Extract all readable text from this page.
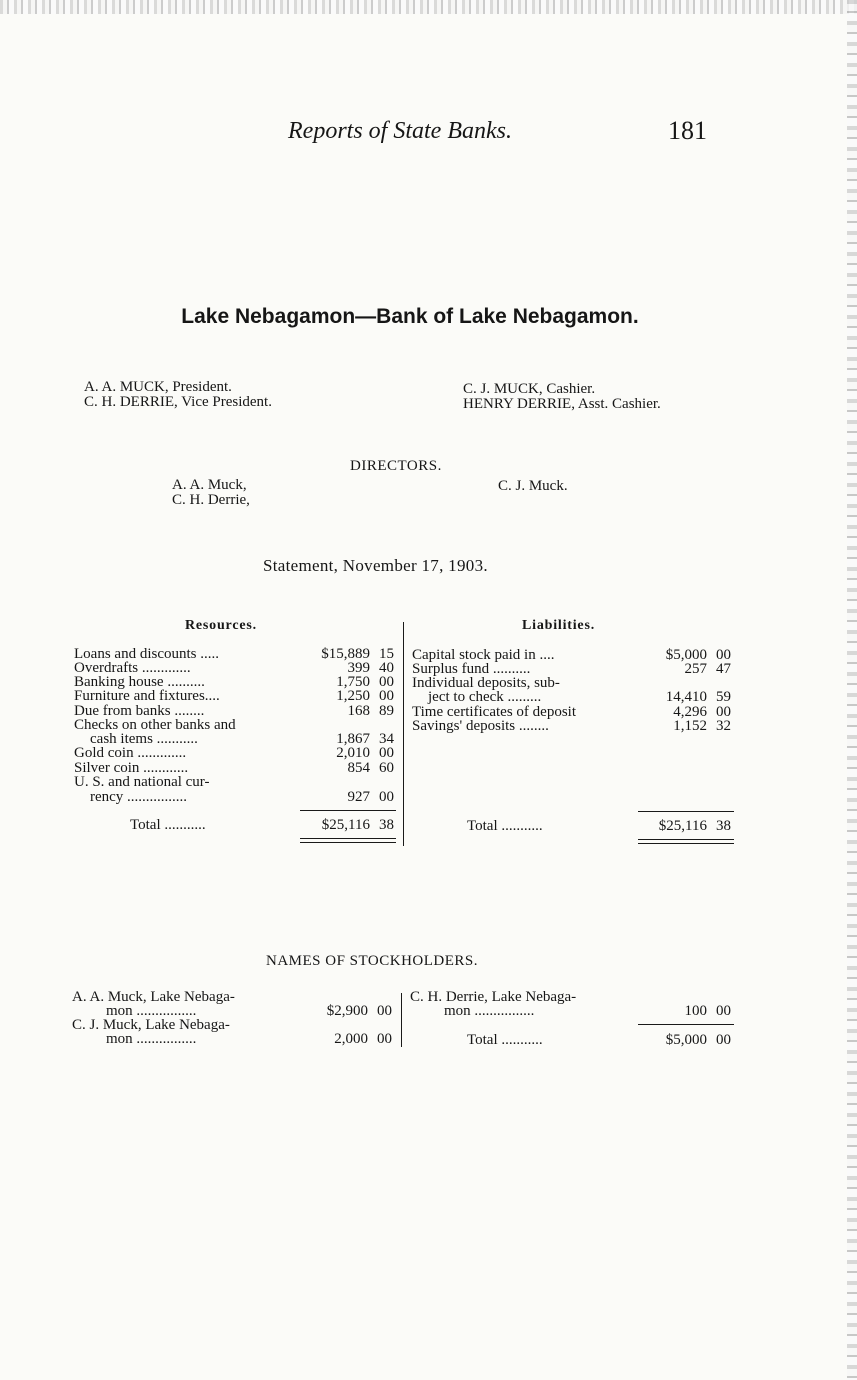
Reports of State Banks.	181
Lake Nebagamon—Bank of Lake Nebagamon.
A. A. MUCK, President.
C. H. DERRIE, Vice President.
C. J. MUCK, Cashier.
HENRY DERRIE, Asst. Cashier.
DIRECTORS.
A. A. Muck,
C. H. Derrie,
C. J. Muck.
Statement, November 17, 1903.
Resources.	Liabilities.
Loans and discounts .....	$15,889 15
Overdrafts .............	399 40
Banking house ..........	1,750 00
Furniture and fixtures....	1,250 00
Due from banks ........	168 89
Checks on other banks and
cash items ...........	1,867 34
Gold coin .............	2,010 00
Silver coin ............	854 60
U. S. and national cur-
rency ................	927 00
Total ...........	$25,116 38
Capital stock paid in ....	$5,000 00
Surplus fund ..........	257 47
Individual deposits, sub-
ject to check .........	14,410 59
Time certificates of deposit	4,296 00
Savings' deposits ........	1,152 32
Total ...........	$25,116 38
NAMES OF STOCKHOLDERS.
A. A. Muck, Lake Nebaga-
mon ................	$2,900 00
C. J. Muck, Lake Nebaga-
mon ................	2,000 00
C. H. Derrie, Lake Nebaga-
mon ................	100 00
Total ...........	$5,000 00
